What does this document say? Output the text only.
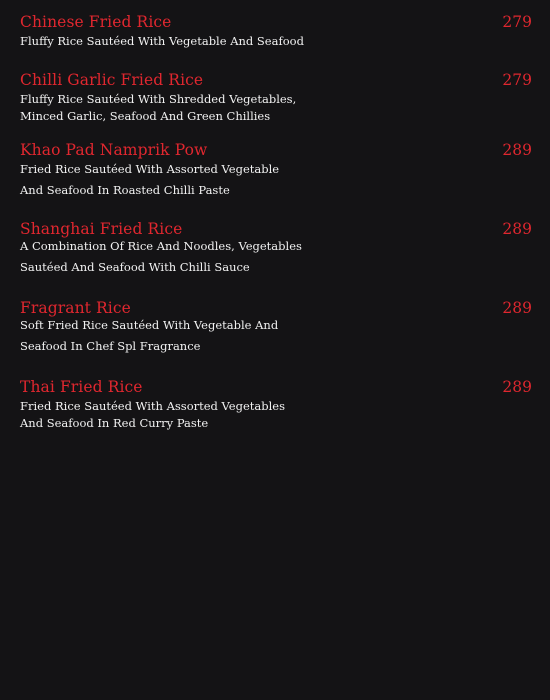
Chinese Fried Rice	279
Fluffy Rice Sautéed With Vegetable And Seafood
Chilli Garlic Fried Rice	279
Fluffy Rice Sautéed With Shredded Vegetables,
Minced Garlic, Seafood And Green Chillies
Khao Pad Namprik Pow	289
Fried Rice Sautéed With Assorted Vegetable
And Seafood In Roasted Chilli Paste
Shanghai Fried Rice	289
A Combination Of Rice And Noodles, Vegetables
Sautéed And Seafood With Chilli Sauce
Fragrant Rice	289
Soft Fried Rice Sautéed With Vegetable And
Seafood In Chef Spl Fragrance
Thai Fried Rice	289
Fried Rice Sautéed With Assorted Vegetables
And Seafood In Red Curry Paste
